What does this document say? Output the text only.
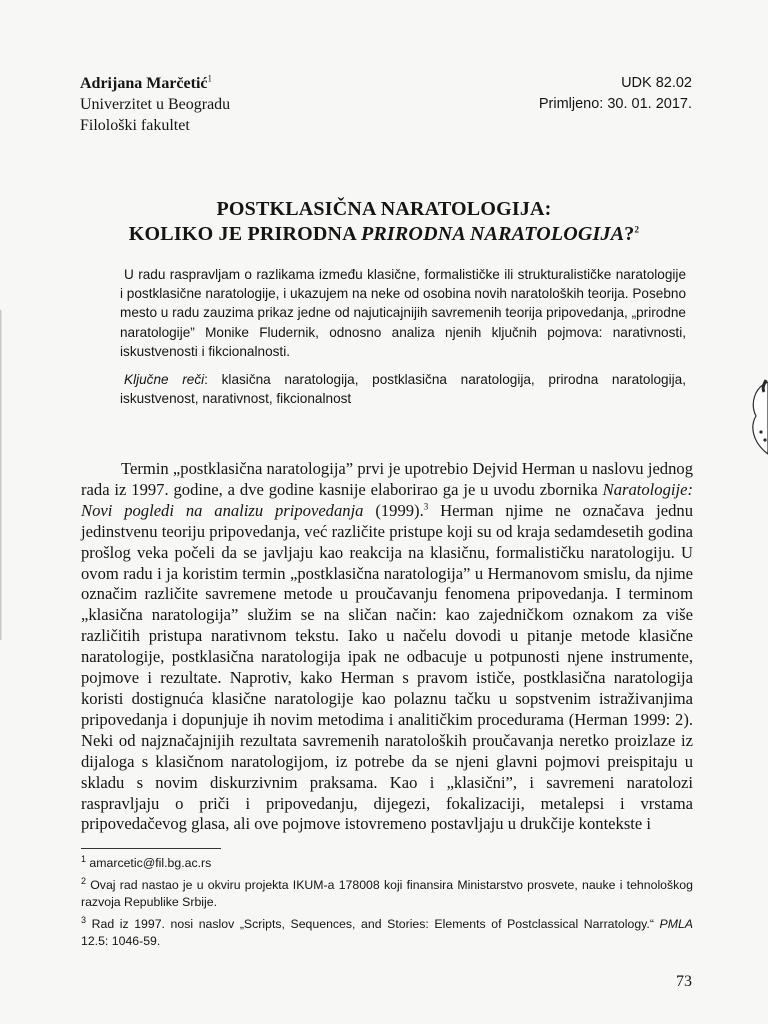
Adrijana Marčetić$^1$
Univerzitet u Beogradu
Filološki fakultet
UDK 82.02
Primljeno: 30. 01. 2017.
POSTKLASIČNA NARATOLOGIJA:
KOLIKO JE PRIRODNA PRIRODNA NARATOLOGIJA?$^2$
U radu raspravljam o razlikama između klasične, formalističke ili strukturalističke naratologije i postklasične naratologije, i ukazujem na neke od osobina novih naratoloških teorija. Posebno mesto u radu zauzima prikaz jedne od najuticajnijih savremenih teorija pripovedanja, „prirodne naratologije” Monike Fludernik, odnosno analiza njenih ključnih pojmova: narativnosti, iskustvenosti i fikcionalnosti.
Ključne reči: klasična naratologija, postklasična naratologija, prirodna naratologija, iskustvenost, narativnost, fikcionalnost
Termin „postklasična naratologija” prvi je upotrebio Dejvid Herman u naslovu jednog rada iz 1997. godine, a dve godine kasnije elaborirao ga je u uvodu zbornika Naratologije: Novi pogledi na analizu pripovedanja (1999).$^3$ Herman njime ne označava jednu jedinstvenu teoriju pripovedanja, već različite pristupe koji su od kraja sedamdesetih godina prošlog veka počeli da se javljaju kao reakcija na klasičnu, formalističku naratologiju. U ovom radu i ja koristim termin „postklasična naratologija” u Hermanovom smislu, da njime označim različite savremene metode u proučavanju fenomena pripovedanja. I terminom „klasična naratologija” služim se na sličan način: kao zajedničkom oznakom za više različitih pristupa narativnom tekstu. Iako u načelu dovodi u pitanje metode klasične naratologije, postklasična naratologija ipak ne odbacuje u potpunosti njene instrumente, pojmove i rezultate. Naprotiv, kako Herman s pravom ističe, postklasična naratologija koristi dostignuća klasične naratologije kao polaznu tačku u sopstvenim istraživanjima pripovedanja i dopunjuje ih novim metodima i analitičkim procedurama (Herman 1999: 2). Neki od najznačajnijih rezultata savremenih naratoloških proučavanja neretko proizlaze iz dijaloga s klasičnom naratologijom, iz potrebe da se njeni glavni pojmovi preispitaju u skladu s novim diskurzivnim praksama. Kao i „klasični”, i savremeni naratolozi raspravljaju o priči i pripovedanju, dijegezi, fokalizaciji, metalepsi i vrstama pripovedačevog glasa, ali ove pojmove istovremeno postavljaju u drukčije kontekste i
$^1$ amarcetic@fil.bg.ac.rs
$^2$ Ovaj rad nastao je u okviru projekta IKUM-a 178008 koji finansira Ministarstvo prosvete, nauke i tehnološkog razvoja Republike Srbije.
$^3$ Rad iz 1997. nosi naslov „Scripts, Sequences, and Stories: Elements of Postclassical Narratology.“ PMLA 12.5: 1046-59.
73
